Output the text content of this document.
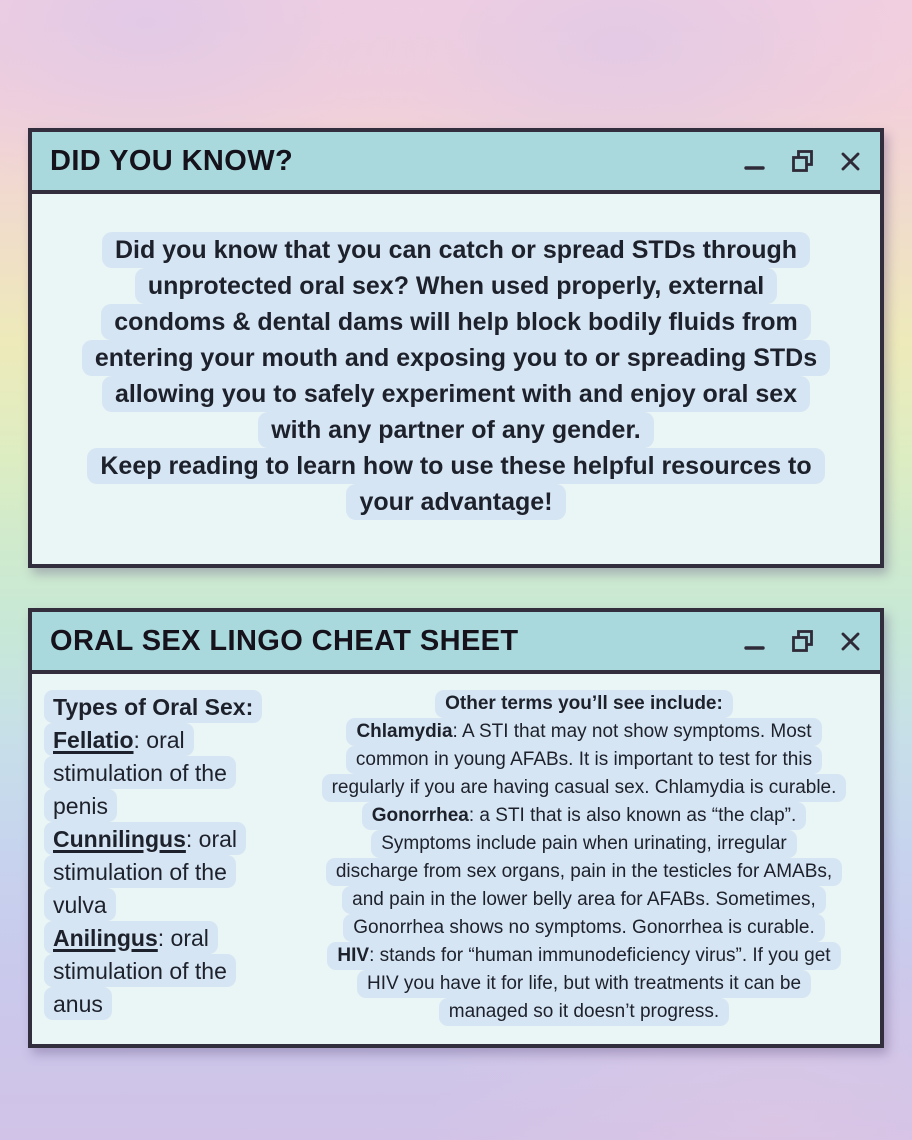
DID YOU KNOW?
Did you know that you can catch or spread STDs through
unprotected oral sex? When used properly, external
condoms & dental dams will help block bodily fluids from
entering your mouth and exposing you to or spreading STDs
allowing you to safely experiment with and enjoy oral sex
with any partner of any gender.
Keep reading to learn how to use these helpful resources to
your advantage!
ORAL SEX LINGO CHEAT SHEET
Types of Oral Sex:
Fellatio: oral
stimulation of the
penis
Cunnilingus: oral
stimulation of the
vulva
Anilingus: oral
stimulation of the
anus
Other terms you’ll see include:
Chlamydia: A STI that may not show symptoms. Most
common in young AFABs. It is important to test for this
regularly if you are having casual sex. Chlamydia is curable.
Gonorrhea: a STI that is also known as “the clap”.
Symptoms include pain when urinating, irregular
discharge from sex organs, pain in the testicles for AMABs,
and pain in the lower belly area for AFABs. Sometimes,
Gonorrhea shows no symptoms. Gonorrhea is curable.
HIV: stands for “human immunodeficiency virus”. If you get
HIV you have it for life, but with treatments it can be
managed so it doesn’t progress.
